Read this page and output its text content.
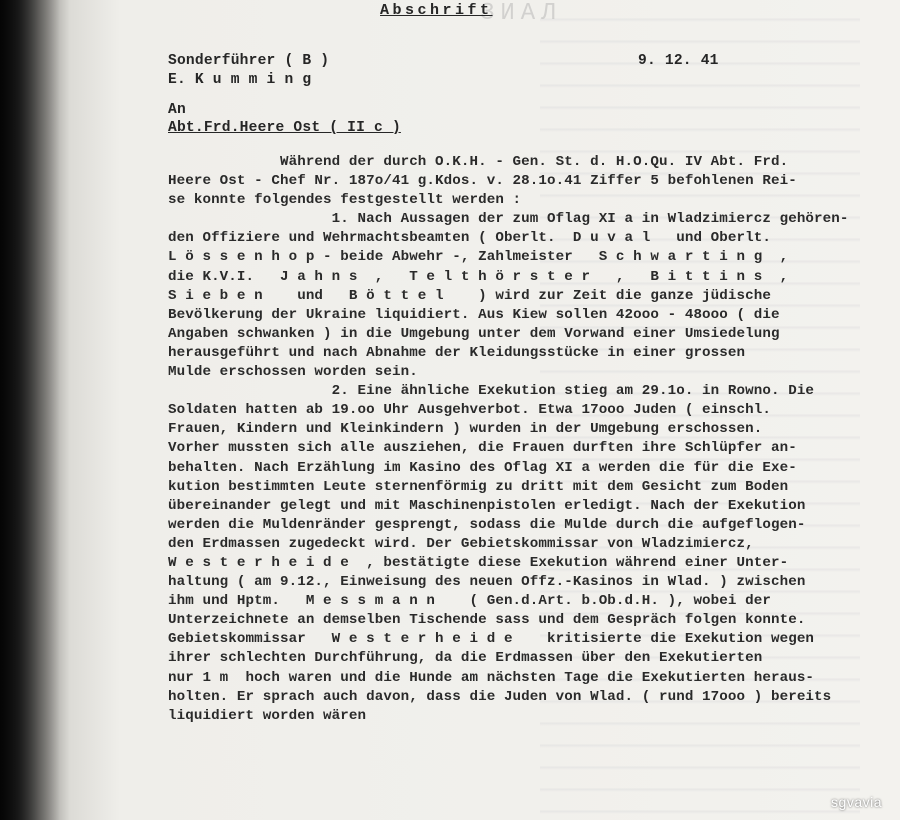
ЗИАЛ
Abschrift
Sonderführer ( B )
E. K u m m i n g
9. 12. 41
An
Abt.Frd.Heere Ost ( II c )
Während der durch O.K.H. - Gen. St. d. H.O.Qu. IV Abt. Frd.
Heere Ost - Chef Nr. 187o/41 g.Kdos. v. 28.1o.41 Ziffer 5 befohlenen Rei-
se konnte folgendes festgestellt werden :
1. Nach Aussagen der zum Oflag XI a in Wladzimiercz gehören-
den Offiziere und Wehrmachtsbeamten ( Oberlt.  D u v a l   und Oberlt.
L ö s s e n h o p - beide Abwehr -, Zahlmeister   S c h w a r t i n g  ,
die K.V.I.   J a h n s  ,   T e l t h ö r s t e r   ,   B i t t i n s  ,
S i e b e n    und   B ö t t e l    ) wird zur Zeit die ganze jüdische
Bevölkerung der Ukraine liquidiert. Aus Kiew sollen 42ooo - 48ooo ( die
Angaben schwanken ) in die Umgebung unter dem Vorwand einer Umsiedelung
herausgeführt und nach Abnahme der Kleidungsstücke in einer grossen
Mulde erschossen worden sein.
2. Eine ähnliche Exekution stieg am 29.1o. in Rowno. Die
Soldaten hatten ab 19.oo Uhr Ausgehverbot. Etwa 17ooo Juden ( einschl.
Frauen, Kindern und Kleinkindern ) wurden in der Umgebung erschossen.
Vorher mussten sich alle ausziehen, die Frauen durften ihre Schlüpfer an-
behalten. Nach Erzählung im Kasino des Oflag XI a werden die für die Exe-
kution bestimmten Leute sternenförmig zu dritt mit dem Gesicht zum Boden
übereinander gelegt und mit Maschinenpistolen erledigt. Nach der Exekution
werden die Muldenränder gesprengt, sodass die Mulde durch die aufgeflogen-
den Erdmassen zugedeckt wird. Der Gebietskommissar von Wladzimiercz,
W e s t e r h e i d e  , bestätigte diese Exekution während einer Unter-
haltung ( am 9.12., Einweisung des neuen Offz.-Kasinos in Wlad. ) zwischen
ihm und Hptm.   M e s s m a n n    ( Gen.d.Art. b.Ob.d.H. ), wobei der
Unterzeichnete an demselben Tischende sass und dem Gespräch folgen konnte.
Gebietskommissar   W e s t e r h e i d e    kritisierte die Exekution wegen
ihrer schlechten Durchführung, da die Erdmassen über den Exekutierten
nur 1 m  hoch waren und die Hunde am nächsten Tage die Exekutierten heraus-
holten. Er sprach auch davon, dass die Juden von Wlad. ( rund 17ooo ) bereits
liquidiert worden wären
sgvavia
